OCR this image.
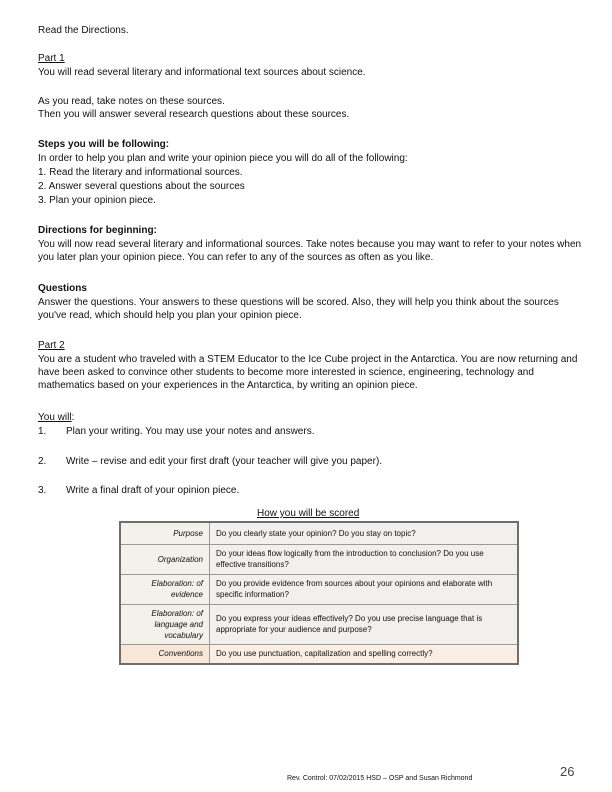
Read the Directions.
Part 1
You will read several literary and informational text sources about science.
As you read, take notes on these sources.
Then you will answer several research questions about these sources.
Steps you will be following:
In order to help you plan and write your opinion piece you will do all of the following:
1. Read the literary and informational sources.
2. Answer several questions about the sources
3. Plan your opinion piece.
Directions for beginning:
You will now read several literary and informational sources. Take notes because you may want to refer to your notes when you later plan your opinion piece. You can refer to any of the sources as often as you like.
Questions
Answer the questions. Your answers to these questions will be scored. Also, they will help you think about the sources you've read, which should help you plan your opinion piece.
Part 2
You are a student who traveled with a STEM Educator to the Ice Cube project in the Antarctica. You are now returning and have been asked to convince other students to become more interested in science, engineering, technology and mathematics based on your experiences in the Antarctica, by writing an opinion piece.
You will:
1. Plan your writing. You may use your notes and answers.
2. Write – revise and edit your first draft (your teacher will give you paper).
3. Write a final draft of your opinion piece.
How you will be scored
Purpose	Do you clearly state your opinion? Do you stay on topic?
Organization	Do your ideas flow logically from the introduction to conclusion? Do you use effective transitions?
Elaboration: of evidence	Do you provide evidence from sources about your opinions and elaborate with specific information?
Elaboration: of language and vocabulary	Do you express your ideas effectively? Do you use precise language that is appropriate for your audience and purpose?
Conventions	Do you use punctuation, capitalization and spelling correctly?
Rev. Control: 07/02/2015 HSD – OSP and Susan Richmond	26
